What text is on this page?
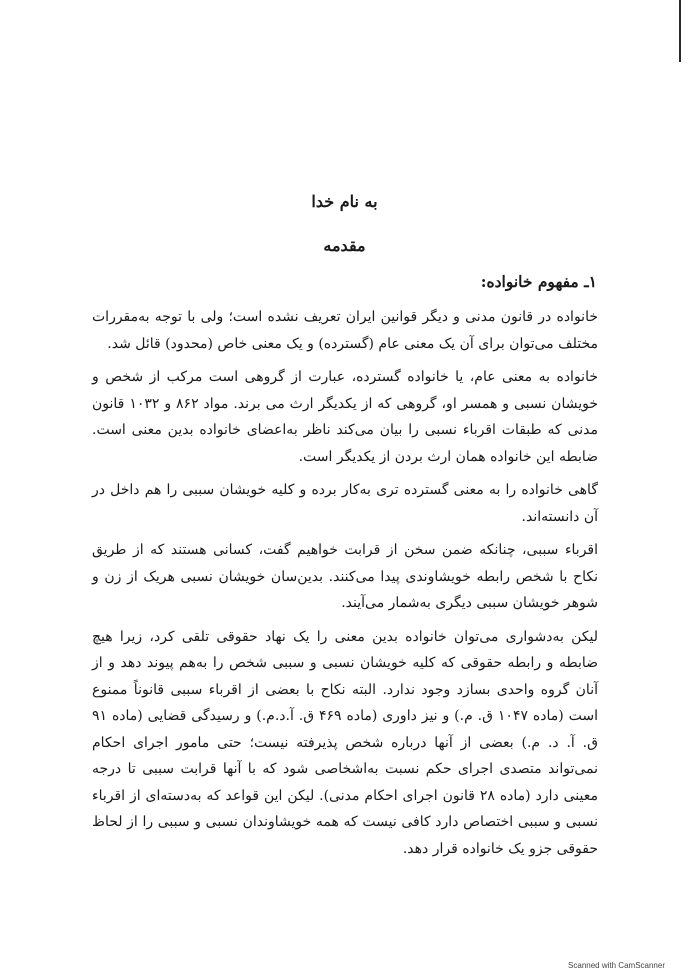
به نام خدا
مقدمه
۱ـ مفهوم خانواده:

خانواده در قانون مدنی و دیگر قوانین ایران تعریف نشده است؛ ولی با توجه به‌مقررات مختلف می‌توان برای آن یک معنی عام (گسترده) و یک معنی خاص (محدود) قائل شد.

خانواده به معنی عام، یا خانواده گسترده، عبارت از گروهی است مرکب از شخص و خویشان نسبی و همسر او، گروهی که از یکدیگر ارث می برند. مواد ۸۶۲ و ۱۰۳۲ قانون مدنی که طبقات اقرباء نسبی را بیان می‌کند ناظر به‌اعضای خانواده بدین معنی است. ضابطه این خانواده همان ارث بردن از یکدیگر است.

گاهی خانواده را به معنی گسترده تری به‌کار برده و کلیه خویشان سببی را هم داخل در آن دانسته‌اند.

اقرباء سببی، چنانکه ضمن سخن از قرابت خواهیم گفت، کسانی هستند که از طریق نکاح با شخص رابطه خویشاوندی پیدا می‌کنند. بدین‌سان خویشان نسبی هریک از زن و شوهر خویشان سببی دیگری به‌شمار می‌آیند.

لیکن به‌دشواری می‌توان خانواده بدین معنی را یک نهاد حقوقی تلقی کرد، زیرا هیچ ضابطه و رابطه حقوقی که کلیه خویشان نسبی و سببی شخص را به‌هم پیوند دهد و از آنان گروه واحدی بسازد وجود ندارد. البته نکاح با بعضی از اقرباء سببی قانوناً ممنوع است (ماده ۱۰۴۷ ق. م.) و نیز داوری (ماده ۴۶۹ ق. آ.د.م.) و رسیدگی قضایی (ماده ۹۱ ق. آ. د. م.) بعضی از آنها درباره شخص پذیرفته نیست؛ حتی مامور اجرای احکام نمی‌تواند متصدی اجرای حکم نسبت به‌اشخاصی شود که با آنها قرابت سببی تا درجه معینی دارد (ماده ۲۸ قانون اجرای احکام مدنی). لیکن این قواعد که به‌دسته‌ای از اقرباء نسبی و سببی اختصاص دارد کافی نیست که همه خویشاوندان نسبی و سببی را از لحاظ حقوقی جزو یک خانواده قرار دهد.

Scanned with CamScanner
